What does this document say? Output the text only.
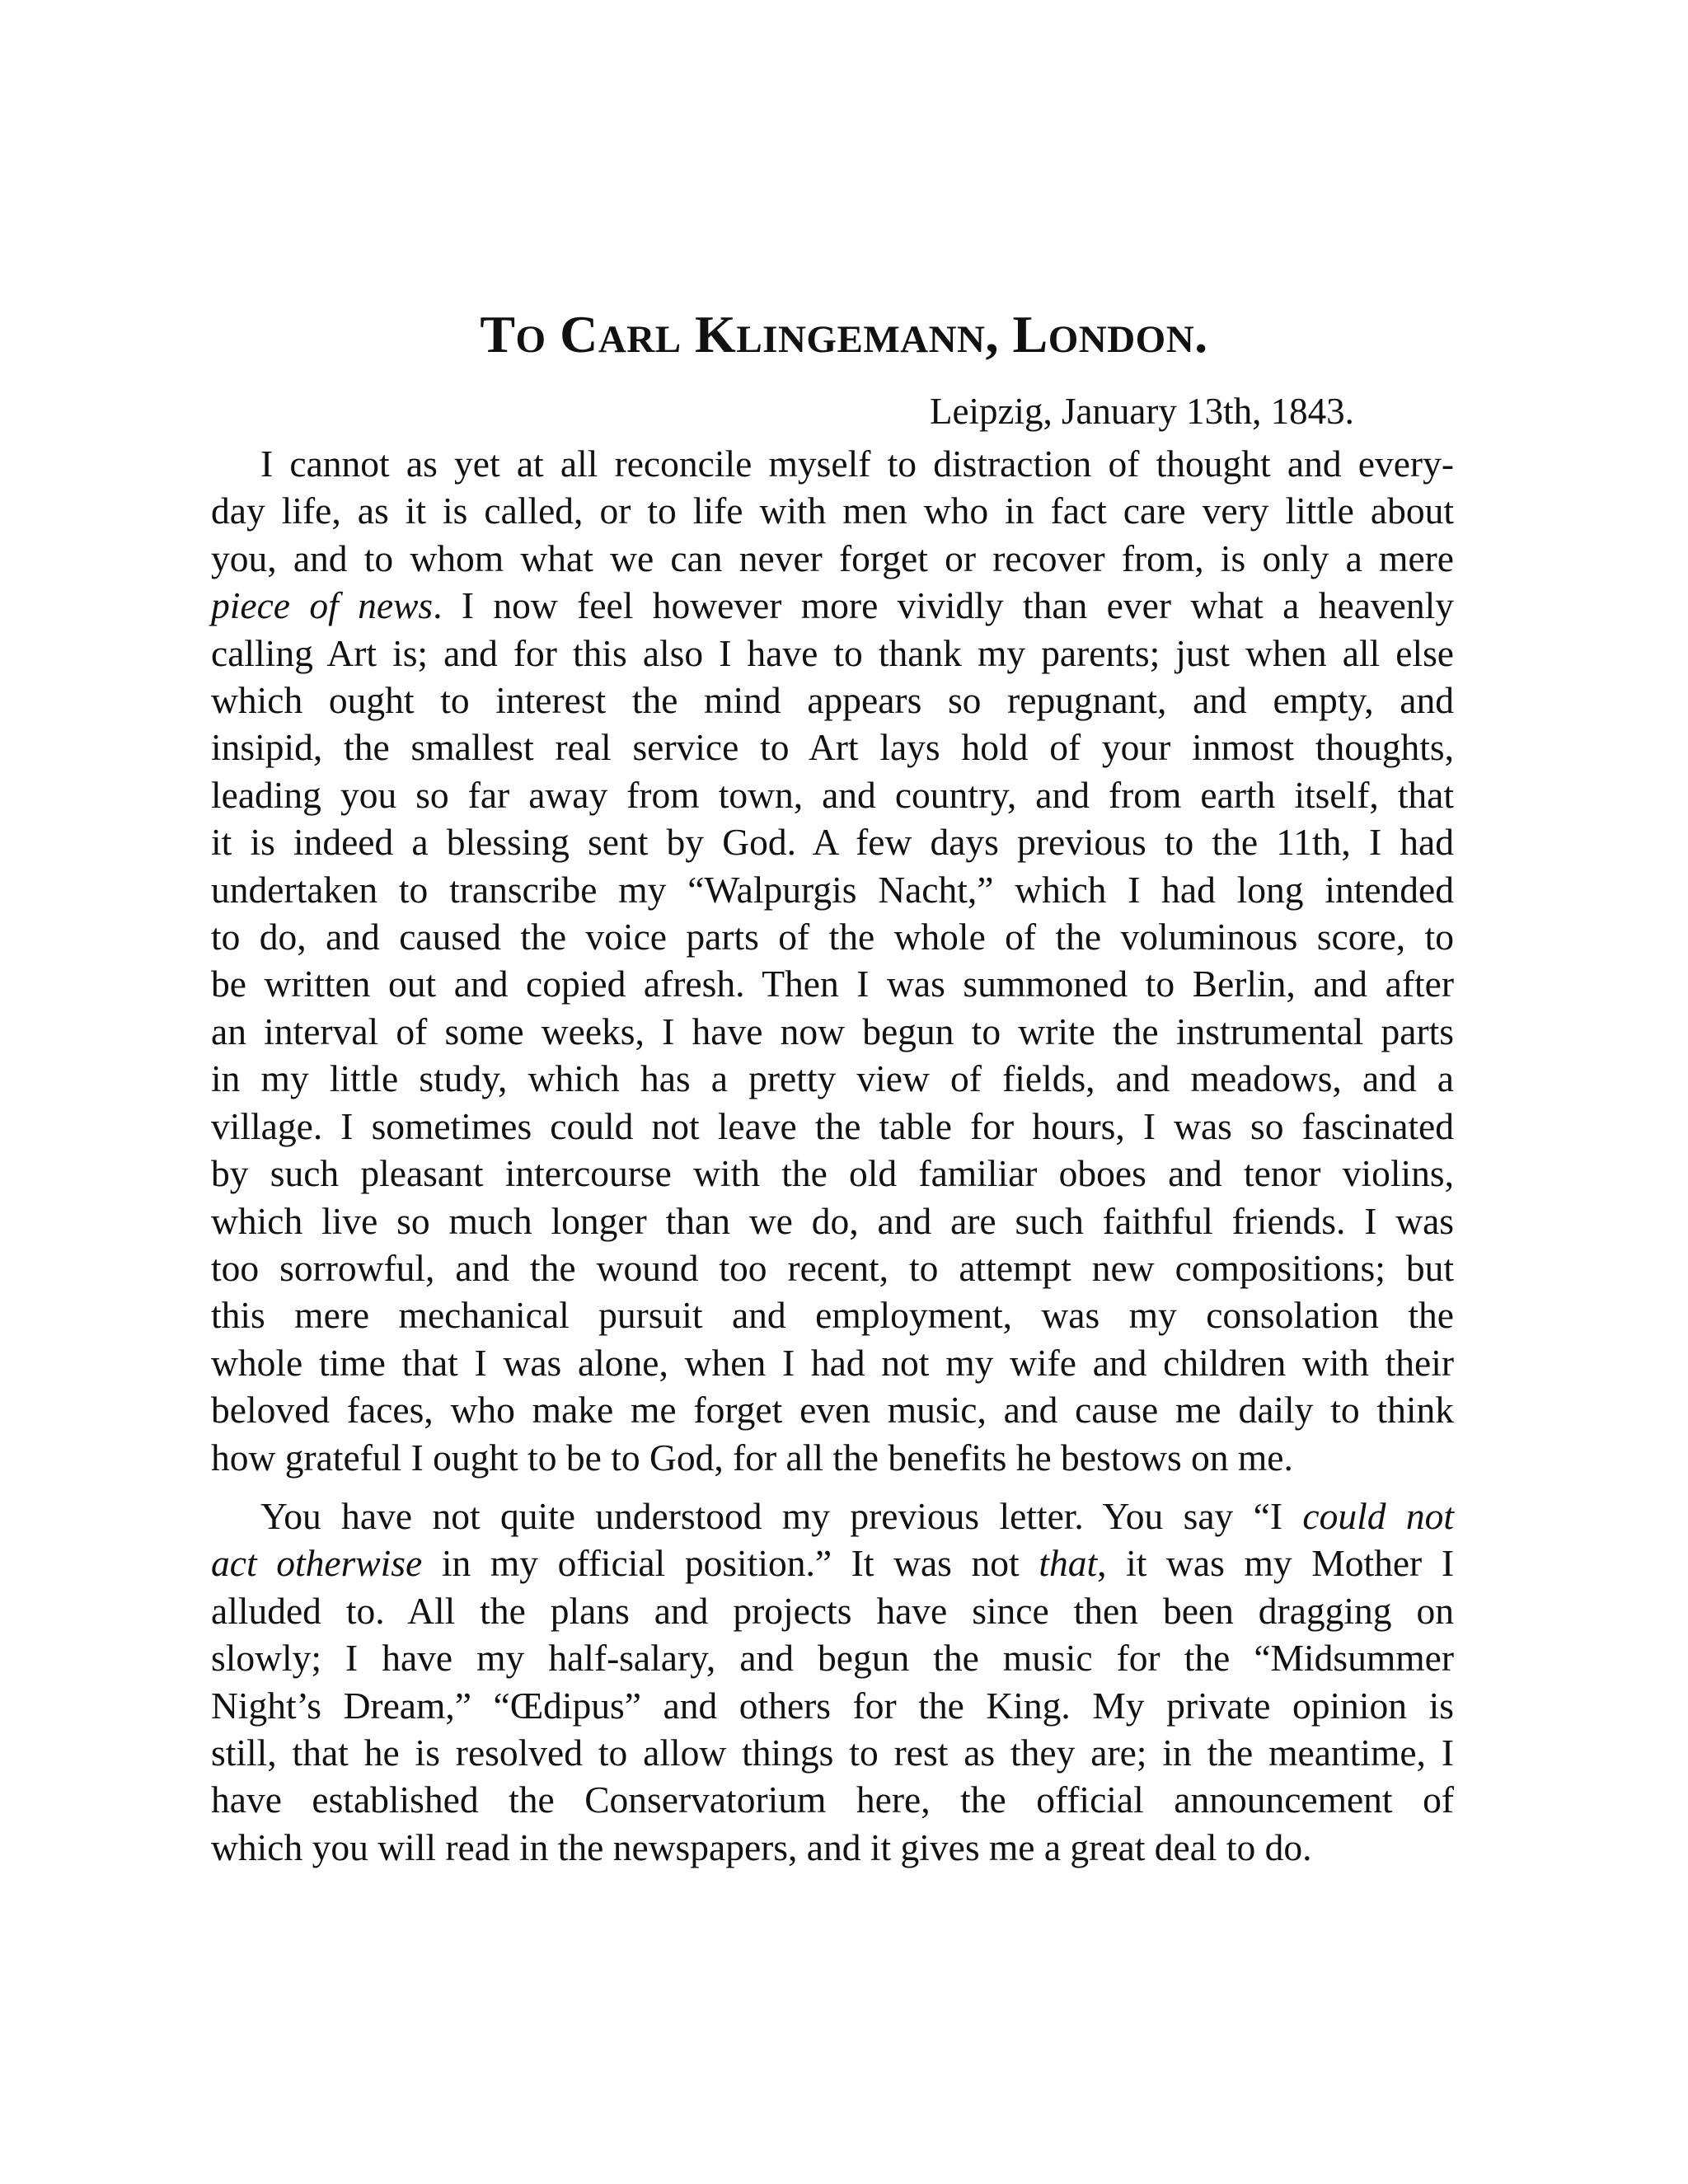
TO CARL KLINGEMANN, LONDON.

Leipzig, January 13th, 1843.

I cannot as yet at all reconcile myself to distraction of thought and every-
day life, as it is called, or to life with men who in fact care very little about
you, and to whom what we can never forget or recover from, is only a mere
piece of news. I now feel however more vividly than ever what a heavenly
calling Art is; and for this also I have to thank my parents; just when all else
which ought to interest the mind appears so repugnant, and empty, and
insipid, the smallest real service to Art lays hold of your inmost thoughts,
leading you so far away from town, and country, and from earth itself, that
it is indeed a blessing sent by God. A few days previous to the 11th, I had
undertaken to transcribe my “Walpurgis Nacht,” which I had long intended
to do, and caused the voice parts of the whole of the voluminous score, to
be written out and copied afresh. Then I was summoned to Berlin, and after
an interval of some weeks, I have now begun to write the instrumental parts
in my little study, which has a pretty view of fields, and meadows, and a
village. I sometimes could not leave the table for hours, I was so fascinated
by such pleasant intercourse with the old familiar oboes and tenor violins,
which live so much longer than we do, and are such faithful friends. I was
too sorrowful, and the wound too recent, to attempt new compositions; but
this mere mechanical pursuit and employment, was my consolation the
whole time that I was alone, when I had not my wife and children with their
beloved faces, who make me forget even music, and cause me daily to think
how grateful I ought to be to God, for all the benefits he bestows on me.
You have not quite understood my previous letter. You say “I could not
act otherwise in my official position.” It was not that, it was my Mother I
alluded to. All the plans and projects have since then been dragging on
slowly; I have my half-salary, and begun the music for the “Midsummer
Night’s Dream,” “Œdipus” and others for the King. My private opinion is
still, that he is resolved to allow things to rest as they are; in the meantime, I
have established the Conservatorium here, the official announcement of
which you will read in the newspapers, and it gives me a great deal to do.
